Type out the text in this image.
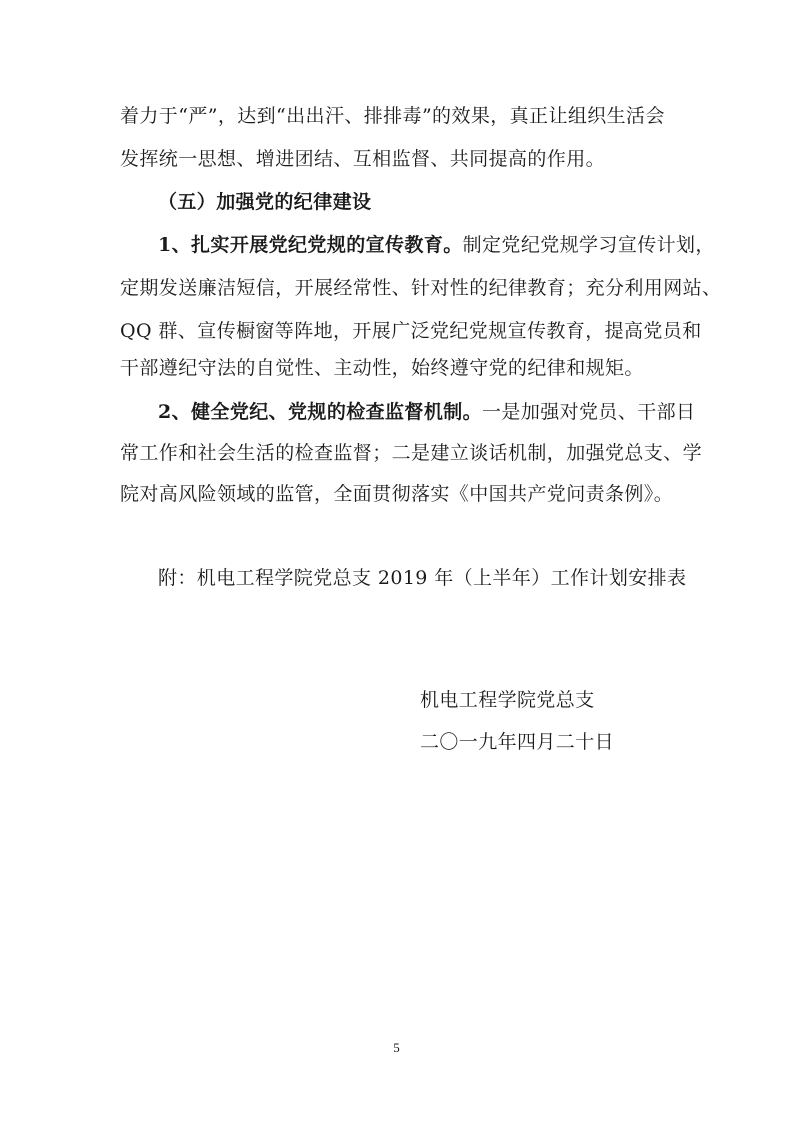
着力于“严”，达到“出出汗、排排毒”的效果，真正让组织生活会
发挥统一思想、增进团结、互相监督、共同提高的作用。
（五）加强党的纪律建设
1、扎实开展党纪党规的宣传教育。制定党纪党规学习宣传计划，
定期发送廉洁短信，开展经常性、针对性的纪律教育；充分利用网站、
QQ 群、宣传橱窗等阵地，开展广泛党纪党规宣传教育，提高党员和
干部遵纪守法的自觉性、主动性，始终遵守党的纪律和规矩。
2、健全党纪、党规的检查监督机制。一是加强对党员、干部日
常工作和社会生活的检查监督；二是建立谈话机制，加强党总支、学
院对高风险领域的监管，全面贯彻落实《中国共产党问责条例》。
附：机电工程学院党总支 2019 年（上半年）工作计划安排表
机电工程学院党总支
二〇一九年四月二十日
5
